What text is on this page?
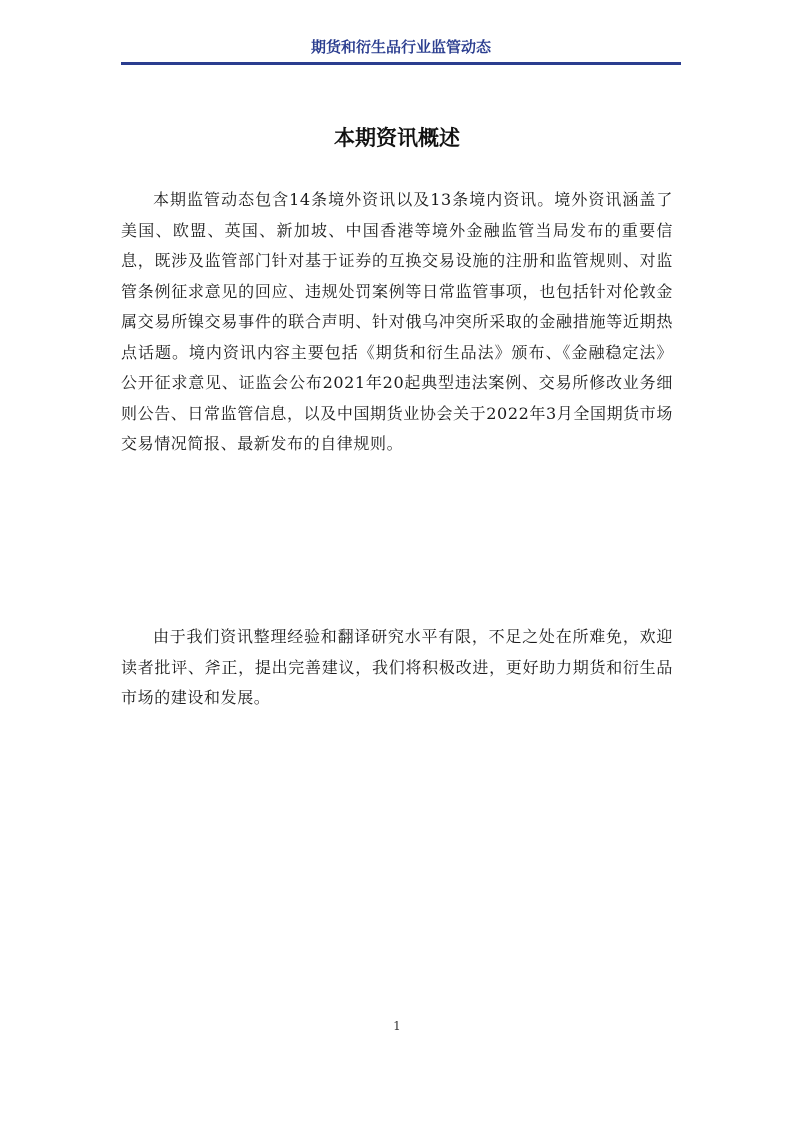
期货和衍生品行业监管动态
本期资讯概述

本期监管动态包含14条境外资讯以及13条境内资讯。境外资讯涵盖了美国、欧盟、英国、新加坡、中国香港等境外金融监管当局发布的重要信息，既涉及监管部门针对基于证券的互换交易设施的注册和监管规则、对监管条例征求意见的回应、违规处罚案例等日常监管事项，也包括针对伦敦金属交易所镍交易事件的联合声明、针对俄乌冲突所采取的金融措施等近期热点话题。境内资讯内容主要包括《期货和衍生品法》颁布、《金融稳定法》公开征求意见、证监会公布2021年20起典型违法案例、交易所修改业务细则公告、日常监管信息，以及中国期货业协会关于2022年3月全国期货市场交易情况简报、最新发布的自律规则。

由于我们资讯整理经验和翻译研究水平有限，不足之处在所难免，欢迎读者批评、斧正，提出完善建议，我们将积极改进，更好助力期货和衍生品市场的建设和发展。

1
